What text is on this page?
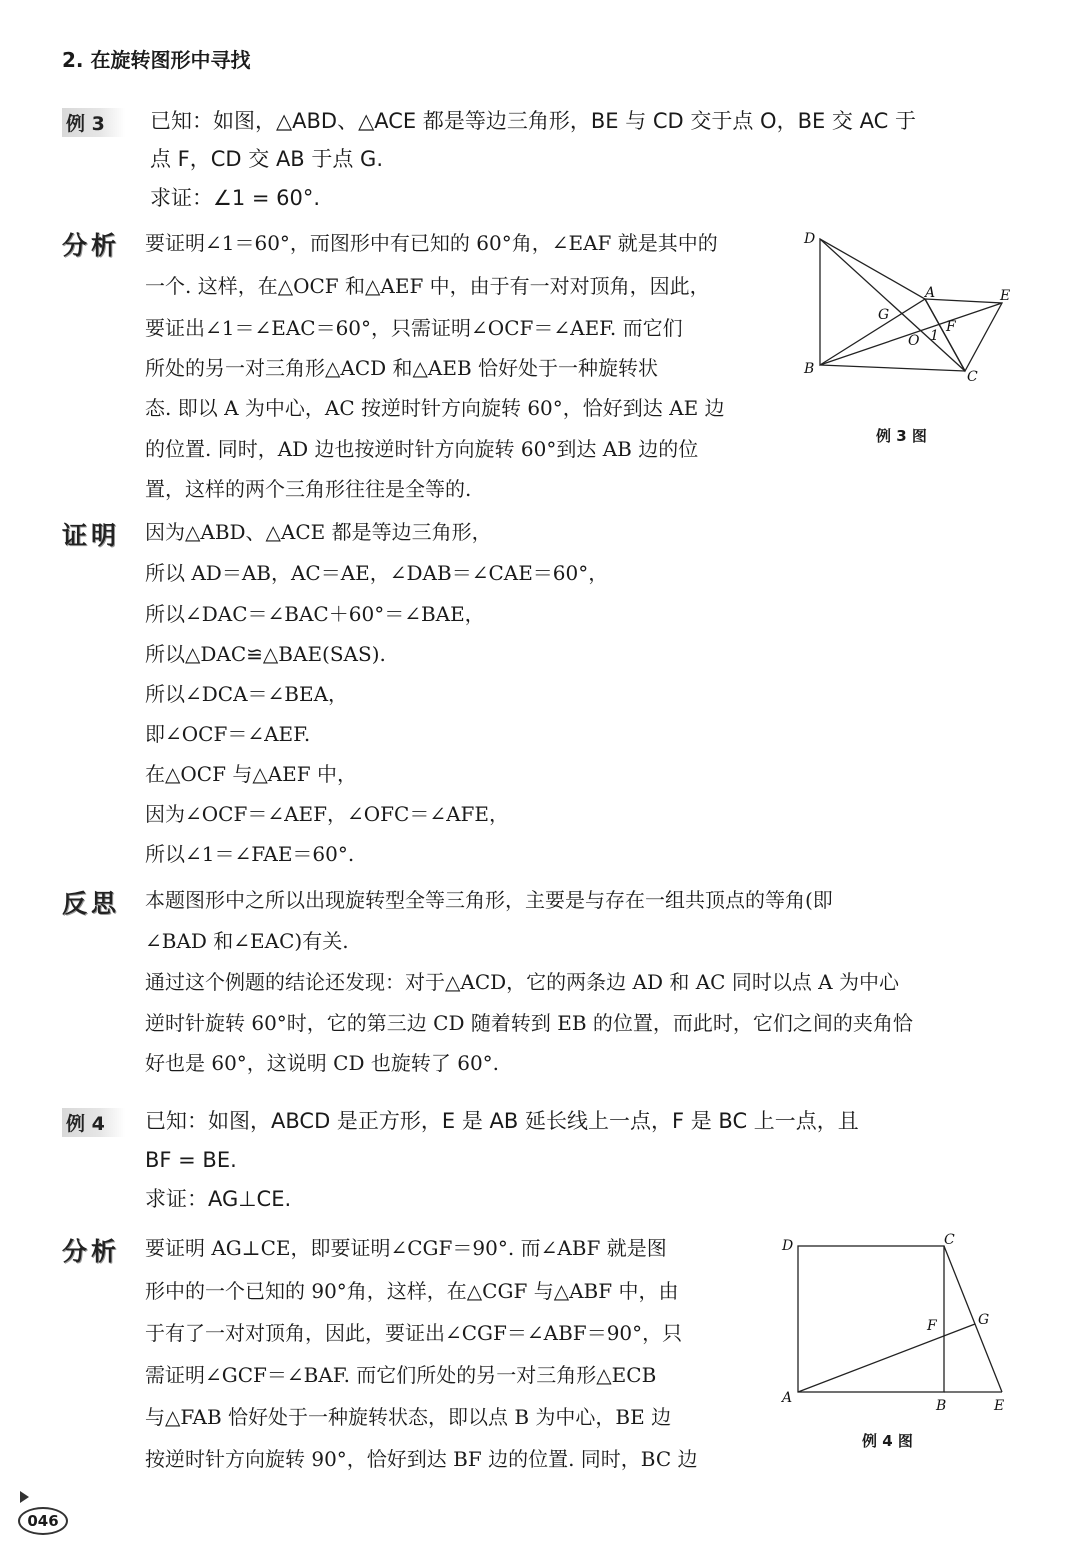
2. 在旋转图形中寻找
例 3	已知：如图，△ABD、△ACE 都是等边三角形，BE 与 CD 交于点 O，BE 交 AC 于
点 F，CD 交 AB 于点 G.
求证：∠1 = 60°.
分析 要证明∠1＝60°，而图形中有已知的 60°角，∠EAF 就是其中的
一个. 这样，在△OCF 和△AEF 中，由于有一对对顶角，因此，
要证出∠1＝∠EAC＝60°，只需证明∠OCF＝∠AEF. 而它们
所处的另一对三角形△ACD 和△AEB 恰好处于一种旋转状
态. 即以 A 为中心，AC 按逆时针方向旋转 60°，恰好到达 AE 边
的位置. 同时，AD 边也按逆时针方向旋转 60°到达 AB 边的位
置，这样的两个三角形往往是全等的.
D
A	E
G
O 1
F
B	C
例 3 图
证明 因为△ABD、△ACE 都是等边三角形，
所以 AD＝AB，AC＝AE，∠DAB＝∠CAE＝60°，
所以∠DAC＝∠BAC＋60°＝∠BAE，
所以△DAC≌△BAE(SAS).
所以∠DCA＝∠BEA，
即∠OCF＝∠AEF.
在△OCF 与△AEF 中，
因为∠OCF＝∠AEF，∠OFC＝∠AFE，
所以∠1＝∠FAE＝60°.
反思 本题图形中之所以出现旋转型全等三角形，主要是与存在一组共顶点的等角(即
∠BAD 和∠EAC)有关.
通过这个例题的结论还发现：对于△ACD，它的两条边 AD 和 AC 同时以点 A 为中心
逆时针旋转 60°时，它的第三边 CD 随着转到 EB 的位置，而此时，它们之间的夹角恰
好也是 60°，这说明 CD 也旋转了 60°.
例 4	已知：如图，ABCD 是正方形，E 是 AB 延长线上一点，F 是 BC 上一点，且
BF = BE.
求证：AG⊥CE.
分析 要证明 AG⊥CE，即要证明∠CGF＝90°. 而∠ABF 就是图
形中的一个已知的 90°角，这样，在△CGF 与△ABF 中，由
于有了一对对顶角，因此，要证出∠CGF＝∠ABF＝90°，只
需证明∠GCF＝∠BAF. 而它们所处的另一对三角形△ECB
与△FAB 恰好处于一种旋转状态，即以点 B 为中心，BE 边
按逆时针方向旋转 90°，恰好到达 BF 边的位置. 同时，BC 边
D	C
F	G
A	B	E
例 4 图
046
